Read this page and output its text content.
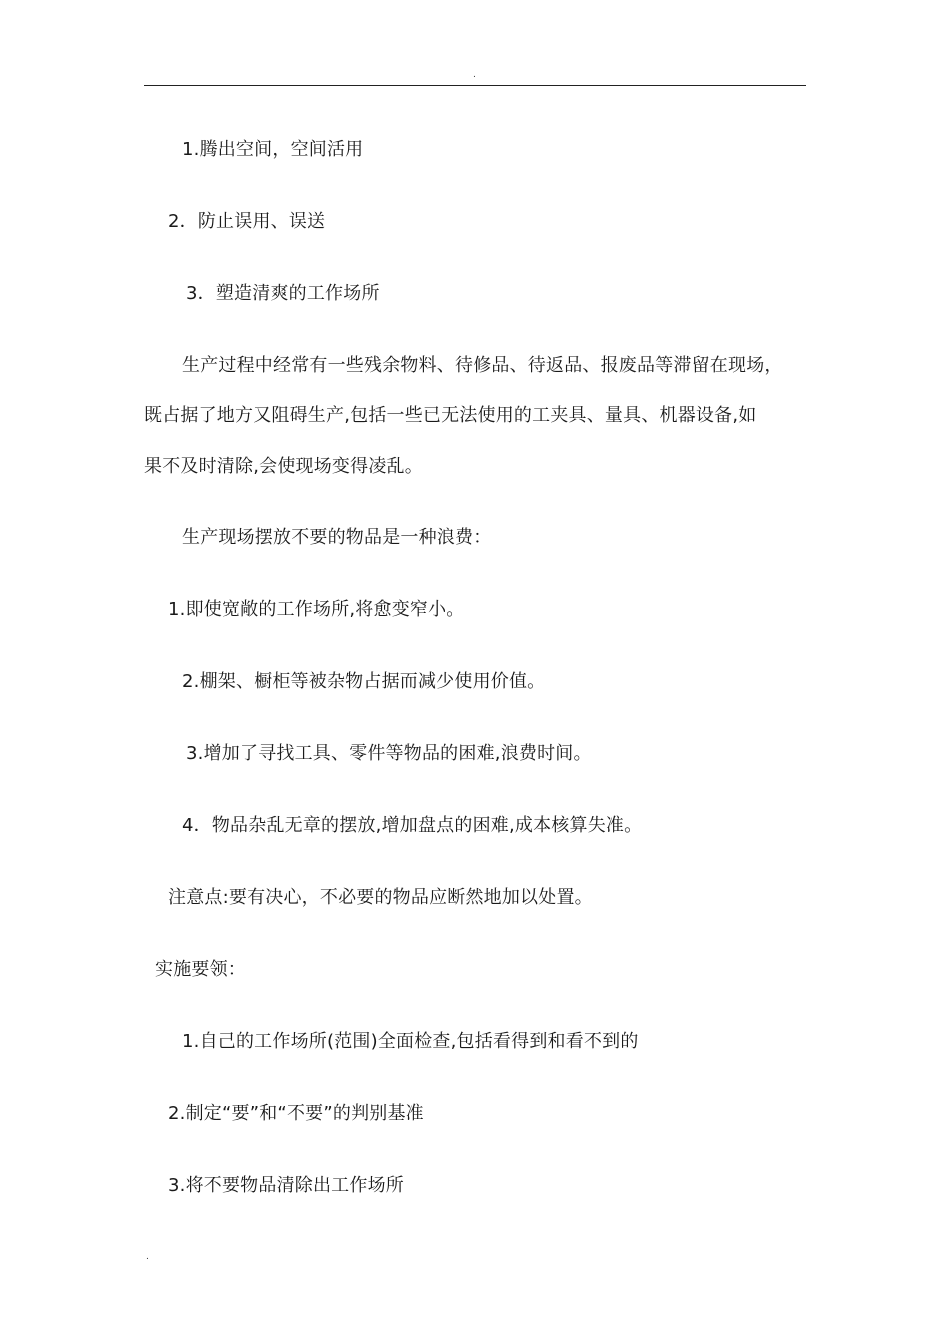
.
1.腾出空间，空间活用
2．防止误用、误送
3．塑造清爽的工作场所
生产过程中经常有一些残余物料、待修品、待返品、报废品等滞留在现场，
既占据了地方又阻碍生产,包括一些已无法使用的工夹具、量具、机器设备,如
果不及时清除,会使现场变得凌乱。
生产现场摆放不要的物品是一种浪费：
1.即使宽敞的工作场所,将愈变窄小。
2.棚架、橱柜等被杂物占据而减少使用价值。
3.增加了寻找工具、零件等物品的困难,浪费时间。
4．物品杂乱无章的摆放,增加盘点的困难,成本核算失准。
注意点:要有决心，不必要的物品应断然地加以处置。
实施要领：
1.自己的工作场所(范围)全面检查,包括看得到和看不到的
2.制定“要”和“不要”的判别基准
3.将不要物品清除出工作场所
.
